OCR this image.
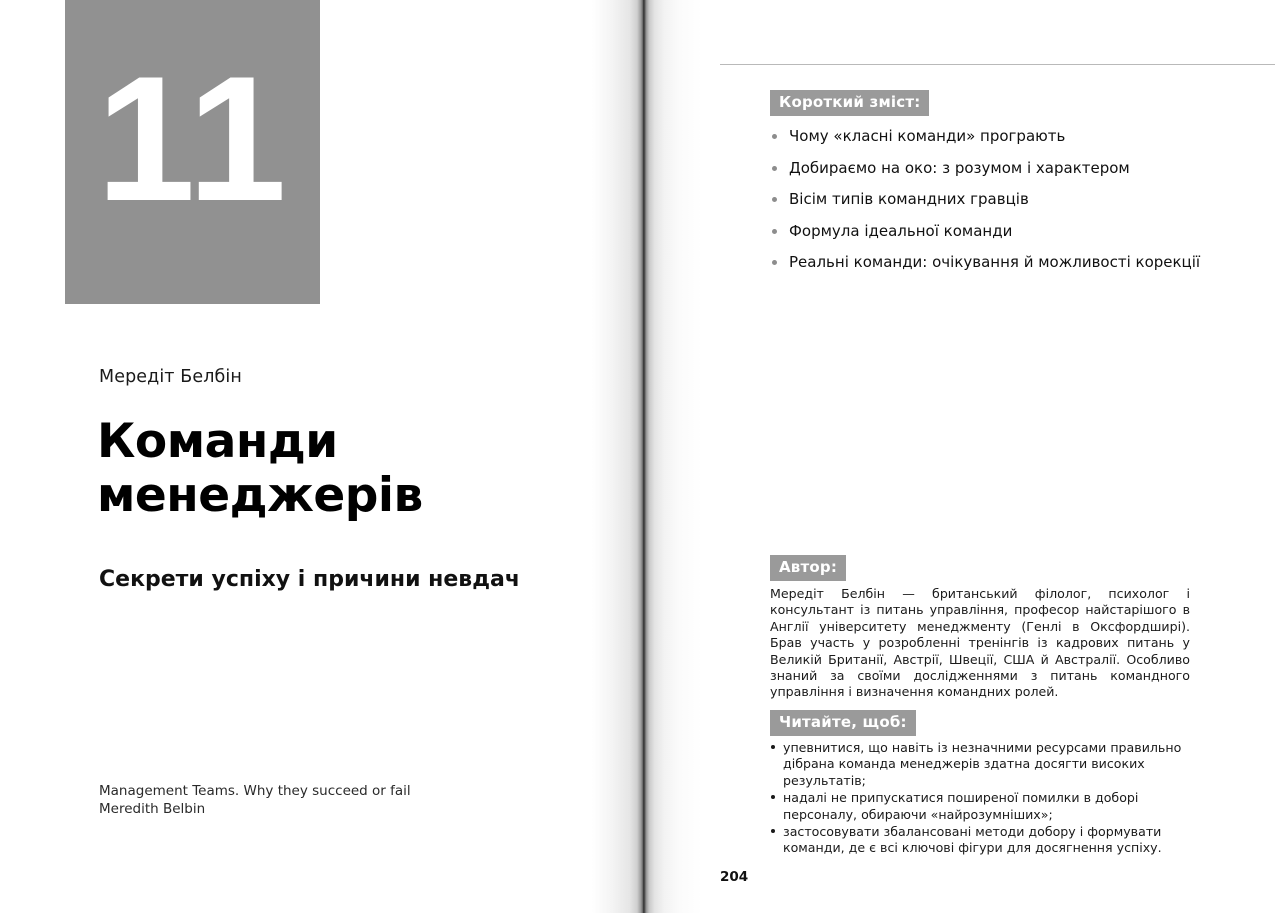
11
Мередіт Белбін
Команди менеджерів
Секрети успіху і причини невдач
Management Teams. Why they succeed or fail
Meredith Belbin
Короткий зміст:
Чому «класні команди» програють
Добираємо на око: з розумом і характером
Вісім типів командних гравців
Формула ідеальної команди
Реальні команди: очікування й можливості корекції
Автор:
Мередіт Белбін — британський філолог, психолог і консультант із питань управління, професор найстарішого в Англії університету менеджменту (Генлі в Оксфордширі). Брав участь у розробленні тренінгів із кадрових питань у Великій Британії, Австрії, Швеції, США й Австралії. Особливо знаний за своїми дослідженнями з питань командного управління і визначення командних ролей.
Читайте, щоб:
упевнитися, що навіть із незначними ресурсами правильно дібрана команда менеджерів здатна досягти високих результатів;
надалі не припускатися поширеної помилки в доборі персоналу, обираючи «найрозумніших»;
застосовувати збалансовані методи добору і формувати команди, де є всі ключові фігури для досягнення успіху.
204
